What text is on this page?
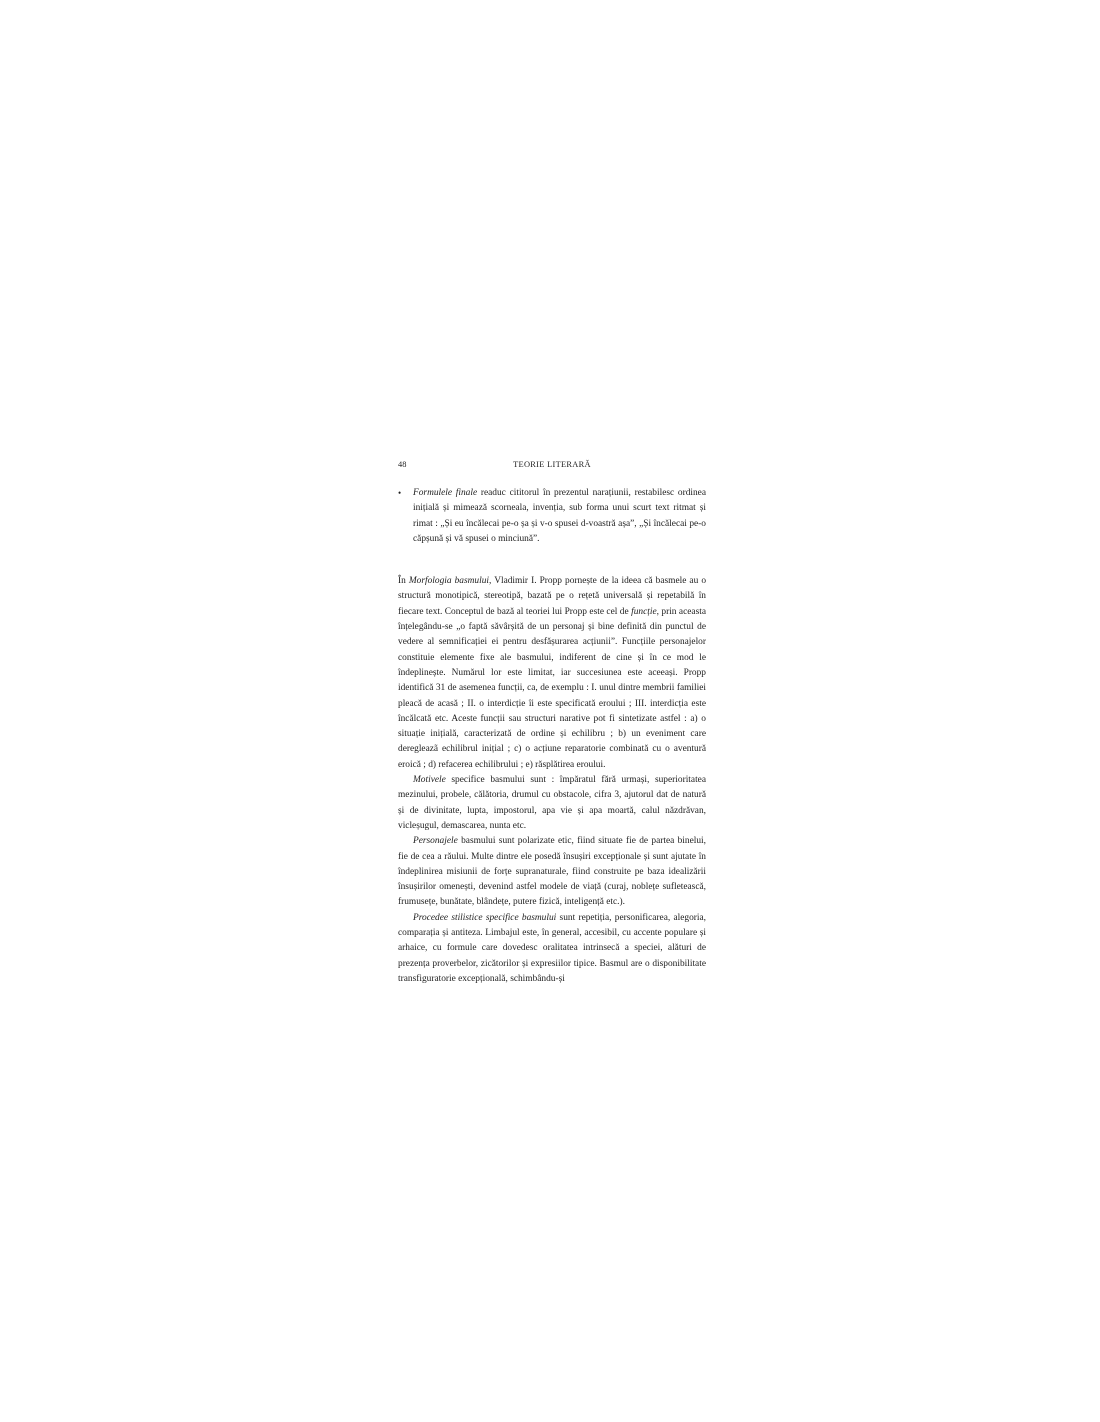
48	TEORIE LITERARĂ
• Formulele finale readuc cititorul în prezentul narațiunii, restabilesc ordinea inițială și mimează scorneala, invenția, sub forma unui scurt text ritmat și rimat : „Și eu încălecai pe-o șa și v-o spusei d-voastră așa”, „Și încălecai pe-o căpșună și vă spusei o minciună”.

În Morfologia basmului, Vladimir I. Propp pornește de la ideea că basmele au o structură monotipică, stereotipă, bazată pe o rețetă universală și repetabilă în fiecare text. Conceptul de bază al teoriei lui Propp este cel de funcție, prin aceasta înțelegându-se „o faptă săvârșită de un personaj și bine definită din punctul de vedere al semnificației ei pentru desfășurarea acțiunii”. Funcțiile personajelor constituie elemente fixe ale basmului, indiferent de cine și în ce mod le îndeplinește. Numărul lor este limitat, iar succesiunea este aceeași. Propp identifică 31 de asemenea funcții, ca, de exemplu : I. unul dintre membrii familiei pleacă de acasă ; II. o interdicție îi este specificată eroului ; III. interdicția este încălcată etc. Aceste funcții sau structuri narative pot fi sintetizate astfel : a) o situație inițială, caracterizată de ordine și echilibru ; b) un eveniment care deregleazã echilibrul inițial ; c) o acțiune reparatorie combinată cu o aventură eroică ; d) refacerea echilibrului ; e) răsplătirea eroului.

Motivele specifice basmului sunt : împăratul fără urmași, superioritatea mezinului, probele, călătoria, drumul cu obstacole, cifra 3, ajutorul dat de natură și de divinitate, lupta, impostorul, apa vie și apa moartă, calul năzdrăvan, vicleșugul, demascarea, nunta etc.

Personajele basmului sunt polarizate etic, fiind situate fie de partea binelui, fie de cea a răului. Multe dintre ele posedă însușiri excepționale și sunt ajutate în îndeplinirea misiunii de forțe supranaturale, fiind construite pe baza idealizării însușirilor omenești, devenind astfel modele de viață (curaj, noblețe sufletească, frumusețe, bunătate, blândețe, putere fizică, inteligență etc.).

Procedee stilistice specifice basmului sunt repetiția, personificarea, alegoria, comparația și antiteza. Limbajul este, în general, accesibil, cu accente populare și arhaice, cu formule care dovedesc oralitatea intrinsecă a speciei, alături de prezența proverbelor, zicătorilor și expresiilor tipice. Basmul are o disponibilitate transfiguratorie excepțională, schimbându-și
